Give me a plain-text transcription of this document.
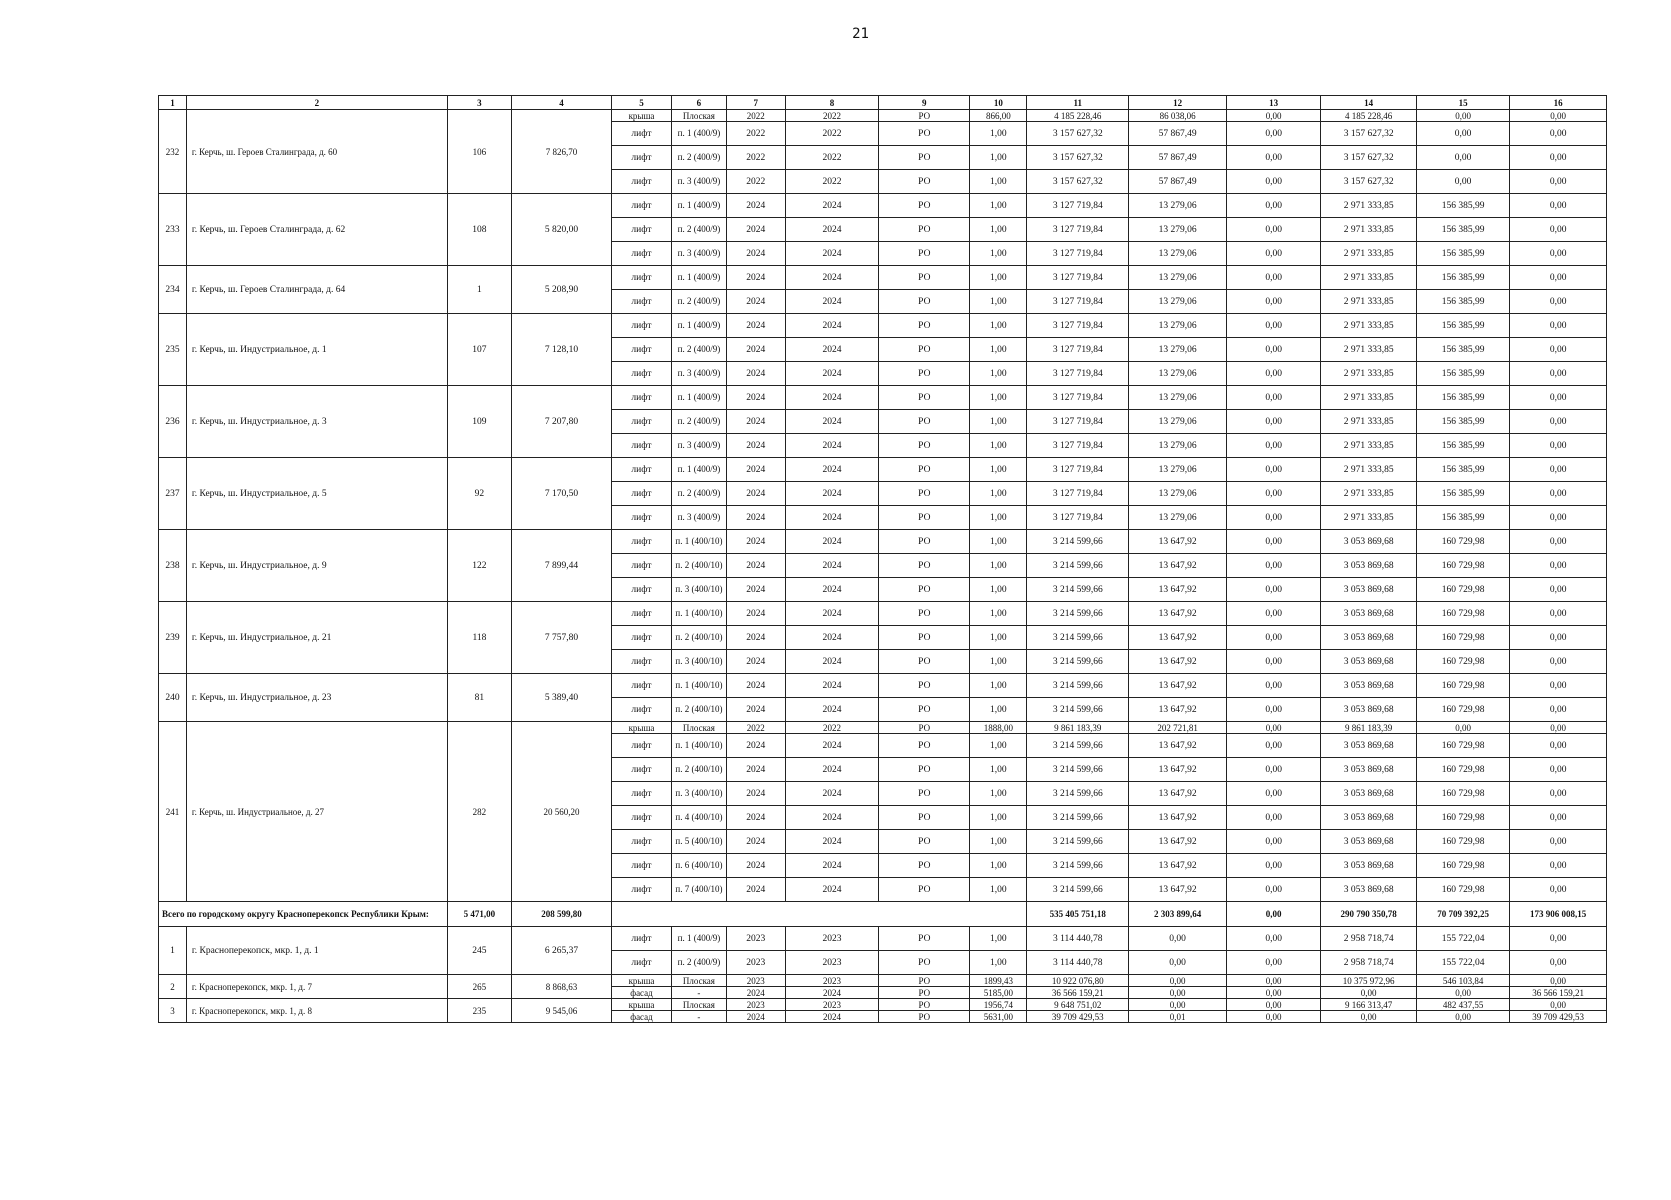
21
1	2	3	4	5	6	7	8	9	10	11	12	13	14	15	16
232	г. Керчь, ш. Героев Сталинграда, д. 60	106	7 826,70	крыша	Плоская	2022	2022	РО	866,00	4 185 228,46	86 038,06	0,00	4 185 228,46	0,00	0,00
				лифт	п. 1 (400/9)	2022	2022	РО	1,00	3 157 627,32	57 867,49	0,00	3 157 627,32	0,00	0,00
				лифт	п. 2 (400/9)	2022	2022	РО	1,00	3 157 627,32	57 867,49	0,00	3 157 627,32	0,00	0,00
				лифт	п. 3 (400/9)	2022	2022	РО	1,00	3 157 627,32	57 867,49	0,00	3 157 627,32	0,00	0,00
233	г. Керчь, ш. Героев Сталинграда, д. 62	108	5 820,00	лифт	п. 1 (400/9)	2024	2024	РО	1,00	3 127 719,84	13 279,06	0,00	2 971 333,85	156 385,99	0,00
				лифт	п. 2 (400/9)	2024	2024	РО	1,00	3 127 719,84	13 279,06	0,00	2 971 333,85	156 385,99	0,00
				лифт	п. 3 (400/9)	2024	2024	РО	1,00	3 127 719,84	13 279,06	0,00	2 971 333,85	156 385,99	0,00
234	г. Керчь, ш. Героев Сталинграда, д. 64	1	5 208,90	лифт	п. 1 (400/9)	2024	2024	РО	1,00	3 127 719,84	13 279,06	0,00	2 971 333,85	156 385,99	0,00
				лифт	п. 2 (400/9)	2024	2024	РО	1,00	3 127 719,84	13 279,06	0,00	2 971 333,85	156 385,99	0,00
235	г. Керчь, ш. Индустриальное, д. 1	107	7 128,10	лифт	п. 1 (400/9)	2024	2024	РО	1,00	3 127 719,84	13 279,06	0,00	2 971 333,85	156 385,99	0,00
				лифт	п. 2 (400/9)	2024	2024	РО	1,00	3 127 719,84	13 279,06	0,00	2 971 333,85	156 385,99	0,00
				лифт	п. 3 (400/9)	2024	2024	РО	1,00	3 127 719,84	13 279,06	0,00	2 971 333,85	156 385,99	0,00
236	г. Керчь, ш. Индустриальное, д. 3	109	7 207,80	лифт	п. 1 (400/9)	2024	2024	РО	1,00	3 127 719,84	13 279,06	0,00	2 971 333,85	156 385,99	0,00
				лифт	п. 2 (400/9)	2024	2024	РО	1,00	3 127 719,84	13 279,06	0,00	2 971 333,85	156 385,99	0,00
				лифт	п. 3 (400/9)	2024	2024	РО	1,00	3 127 719,84	13 279,06	0,00	2 971 333,85	156 385,99	0,00
237	г. Керчь, ш. Индустриальное, д. 5	92	7 170,50	лифт	п. 1 (400/9)	2024	2024	РО	1,00	3 127 719,84	13 279,06	0,00	2 971 333,85	156 385,99	0,00
				лифт	п. 2 (400/9)	2024	2024	РО	1,00	3 127 719,84	13 279,06	0,00	2 971 333,85	156 385,99	0,00
				лифт	п. 3 (400/9)	2024	2024	РО	1,00	3 127 719,84	13 279,06	0,00	2 971 333,85	156 385,99	0,00
238	г. Керчь, ш. Индустриальное, д. 9	122	7 899,44	лифт	п. 1 (400/10)	2024	2024	РО	1,00	3 214 599,66	13 647,92	0,00	3 053 869,68	160 729,98	0,00
				лифт	п. 2 (400/10)	2024	2024	РО	1,00	3 214 599,66	13 647,92	0,00	3 053 869,68	160 729,98	0,00
				лифт	п. 3 (400/10)	2024	2024	РО	1,00	3 214 599,66	13 647,92	0,00	3 053 869,68	160 729,98	0,00
239	г. Керчь, ш. Индустриальное, д. 21	118	7 757,80	лифт	п. 1 (400/10)	2024	2024	РО	1,00	3 214 599,66	13 647,92	0,00	3 053 869,68	160 729,98	0,00
				лифт	п. 2 (400/10)	2024	2024	РО	1,00	3 214 599,66	13 647,92	0,00	3 053 869,68	160 729,98	0,00
				лифт	п. 3 (400/10)	2024	2024	РО	1,00	3 214 599,66	13 647,92	0,00	3 053 869,68	160 729,98	0,00
240	г. Керчь, ш. Индустриальное, д. 23	81	5 389,40	лифт	п. 1 (400/10)	2024	2024	РО	1,00	3 214 599,66	13 647,92	0,00	3 053 869,68	160 729,98	0,00
				лифт	п. 2 (400/10)	2024	2024	РО	1,00	3 214 599,66	13 647,92	0,00	3 053 869,68	160 729,98	0,00
241	г. Керчь, ш. Индустриальное, д. 27	282	20 560,20	крыша	Плоская	2022	2022	РО	1888,00	9 861 183,39	202 721,81	0,00	9 861 183,39	0,00	0,00
				лифт	п. 1 (400/10)	2024	2024	РО	1,00	3 214 599,66	13 647,92	0,00	3 053 869,68	160 729,98	0,00
				лифт	п. 2 (400/10)	2024	2024	РО	1,00	3 214 599,66	13 647,92	0,00	3 053 869,68	160 729,98	0,00
				лифт	п. 3 (400/10)	2024	2024	РО	1,00	3 214 599,66	13 647,92	0,00	3 053 869,68	160 729,98	0,00
				лифт	п. 4 (400/10)	2024	2024	РО	1,00	3 214 599,66	13 647,92	0,00	3 053 869,68	160 729,98	0,00
				лифт	п. 5 (400/10)	2024	2024	РО	1,00	3 214 599,66	13 647,92	0,00	3 053 869,68	160 729,98	0,00
				лифт	п. 6 (400/10)	2024	2024	РО	1,00	3 214 599,66	13 647,92	0,00	3 053 869,68	160 729,98	0,00
				лифт	п. 7 (400/10)	2024	2024	РО	1,00	3 214 599,66	13 647,92	0,00	3 053 869,68	160 729,98	0,00
Всего по городскому округу Красноперекопск Республики Крым:		5 471,00	208 599,80							535 405 751,18	2 303 899,64	0,00	290 790 350,78	70 709 392,25	173 906 008,15
1	г. Красноперекопск, мкр. 1, д. 1	245	6 265,37	лифт	п. 1 (400/9)	2023	2023	РО	1,00	3 114 440,78	0,00	0,00	2 958 718,74	155 722,04	0,00
				лифт	п. 2 (400/9)	2023	2023	РО	1,00	3 114 440,78	0,00	0,00	2 958 718,74	155 722,04	0,00
2	г. Красноперекопск, мкр. 1, д. 7	265	8 868,63	крыша	Плоская	2023	2023	РО	1899,43	10 922 076,80	0,00	0,00	10 375 972,96	546 103,84	0,00
				фасад	-	2024	2024	РО	5185,00	36 566 159,21	0,00	0,00	0,00	0,00	36 566 159,21
3	г. Красноперекопск, мкр. 1, д. 8	235	9 545,06	крыша	Плоская	2023	2023	РО	1956,74	9 648 751,02	0,00	0,00	9 166 313,47	482 437,55	0,00
				фасад	-	2024	2024	РО	5631,00	39 709 429,53	0,01	0,00	0,00	0,00	39 709 429,53
